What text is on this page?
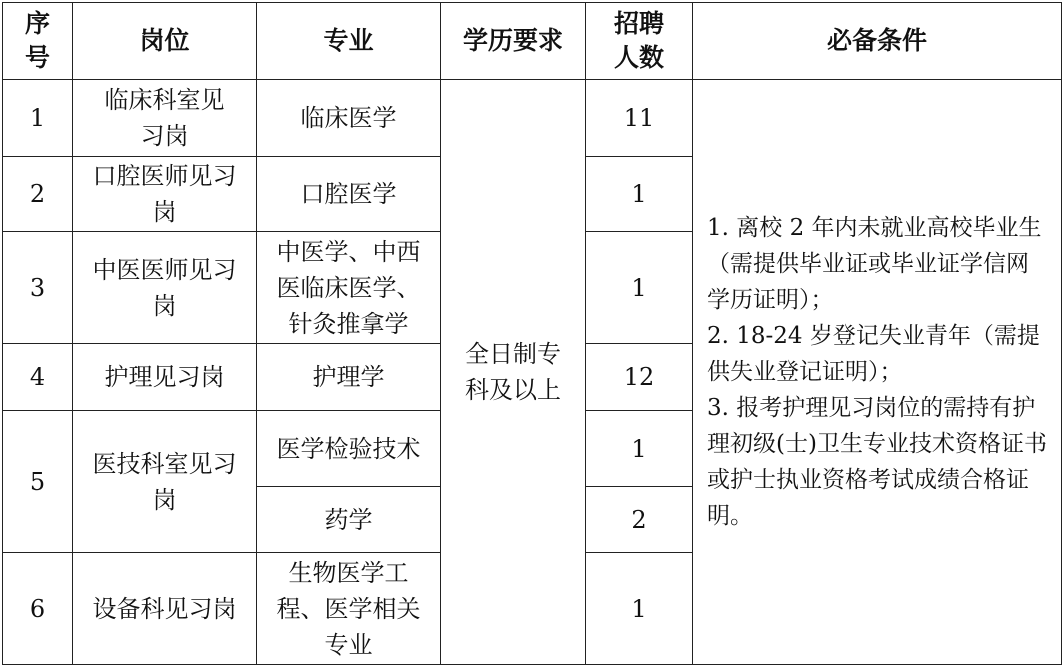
序号	岗位	专业	学历要求	招聘人数	必备条件
1	临床科室见习岗	临床医学	全日制专科及以上	11	1. 离校 2 年内未就业高校毕业生（需提供毕业证或毕业证学信网学历证明）；
2. 18-24 岁登记失业青年（需提供失业登记证明）；
3. 报考护理见习岗位的需持有护理初级(士)卫生专业技术资格证书或护士执业资格考试成绩合格证明。

2	口腔医师见习岗	口腔医学		1	
3	中医医师见习岗	中医学、中西医临床医学、针灸推拿学		1	
4	护理见习岗	护理学		12	
5	医技科室见习岗	医学检验技术		1	
		药学		2	
6	设备科见习岗	生物医学工程、医学相关专业		1	
